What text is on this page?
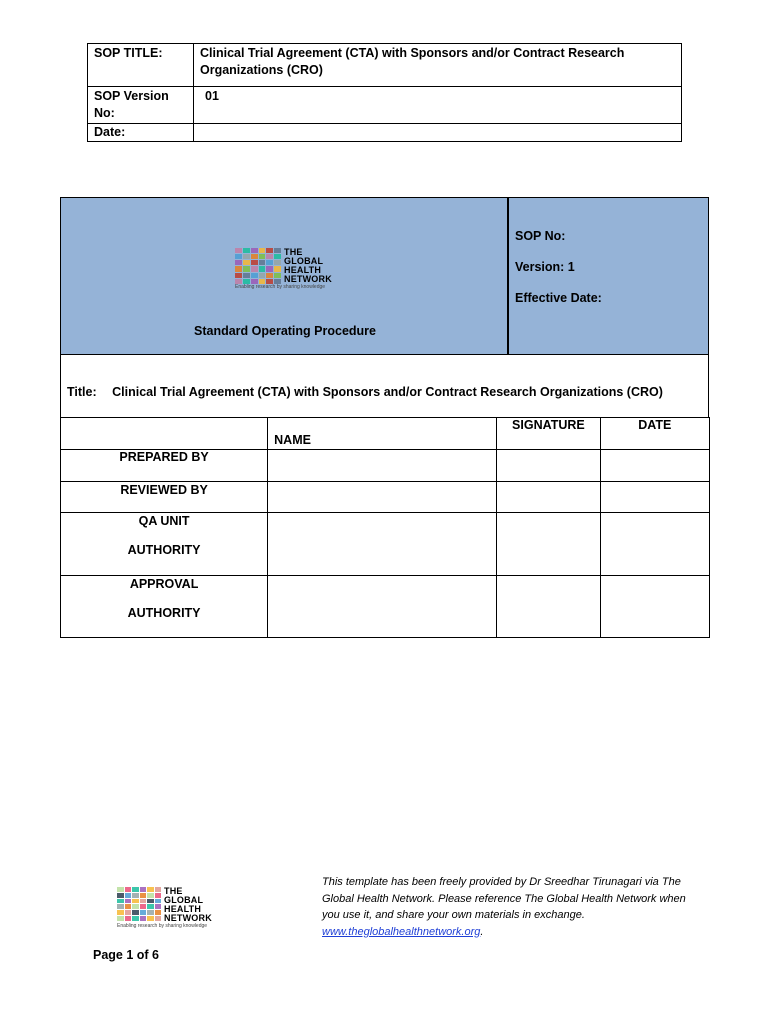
SOP TITLE:	Clinical Trial Agreement (CTA) with Sponsors and/or Contract Research
Organizations (CRO)

SOP Version
No:	01
Date:	
THE
GLOBAL
HEALTH
NETWORK
Enabling research by sharing knowledge
Standard Operating Procedure
SOP No:
Version: 1
Effective Date:
Title: Clinical Trial Agreement (CTA) with Sponsors and/or Contract Research Organizations (CRO)
	NAME	SIGNATURE	DATE

PREPARED BY			

REVIEWED BY			

QA UNIT
AUTHORITY			

APPROVAL
AUTHORITY			

THE
GLOBAL
HEALTH
NETWORK
Enabling research by sharing knowledge
This template has been freely provided by Dr Sreedhar Tirunagari via The
Global Health Network. Please reference The Global Health Network when
you use it, and share your own materials in exchange.
www.theglobalhealthnetwork.org.
Page 1 of 6
